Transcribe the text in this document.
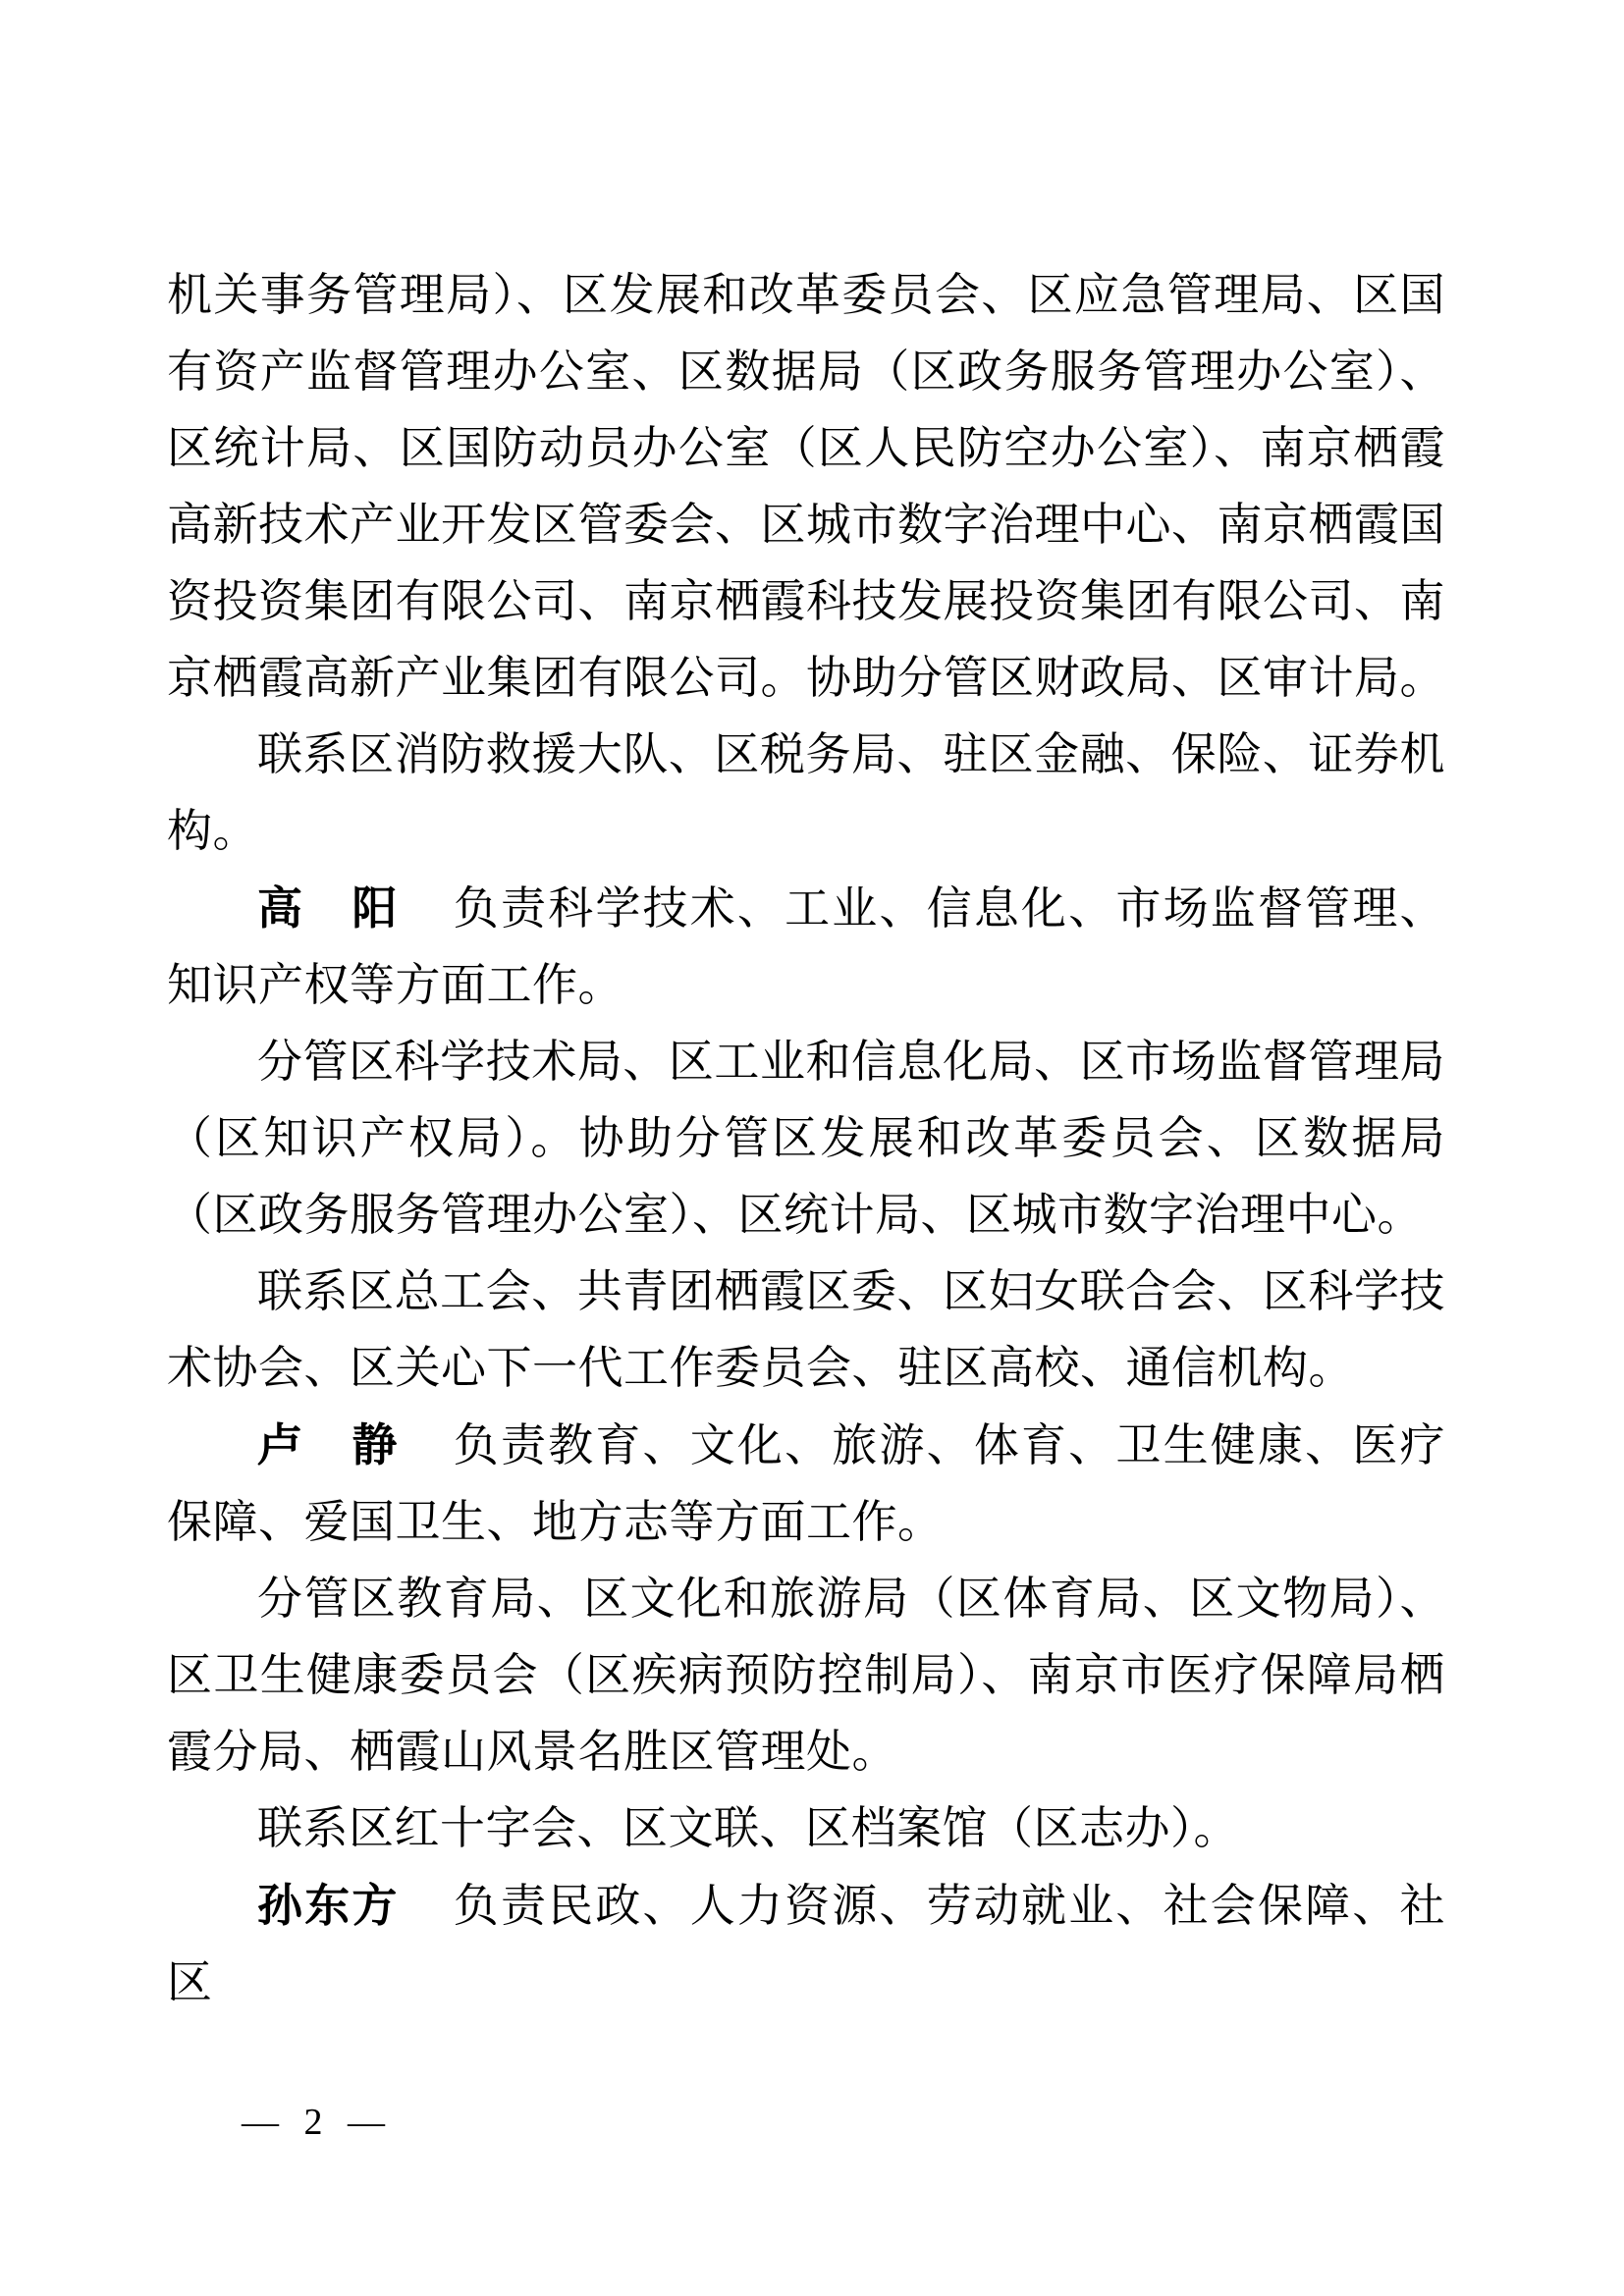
机关事务管理局）、区发展和改革委员会、区应急管理局、区国有资产监督管理办公室、区数据局（区政务服务管理办公室）、区统计局、区国防动员办公室（区人民防空办公室）、南京栖霞高新技术产业开发区管委会、区城市数字治理中心、南京栖霞国资投资集团有限公司、南京栖霞科技发展投资集团有限公司、南京栖霞高新产业集团有限公司。协助分管区财政局、区审计局。

联系区消防救援大队、区税务局、驻区金融、保险、证券机构。

高　阳 负责科学技术、工业、信息化、市场监督管理、知识产权等方面工作。

分管区科学技术局、区工业和信息化局、区市场监督管理局（区知识产权局）。协助分管区发展和改革委员会、区数据局（区政务服务管理办公室）、区统计局、区城市数字治理中心。

联系区总工会、共青团栖霞区委、区妇女联合会、区科学技术协会、区关心下一代工作委员会、驻区高校、通信机构。

卢　静 负责教育、文化、旅游、体育、卫生健康、医疗保障、爱国卫生、地方志等方面工作。

分管区教育局、区文化和旅游局（区体育局、区文物局）、区卫生健康委员会（区疾病预防控制局）、南京市医疗保障局栖霞分局、栖霞山风景名胜区管理处。

联系区红十字会、区文联、区档案馆（区志办）。

孙东方 负责民政、人力资源、劳动就业、社会保障、社区

— 2 —
